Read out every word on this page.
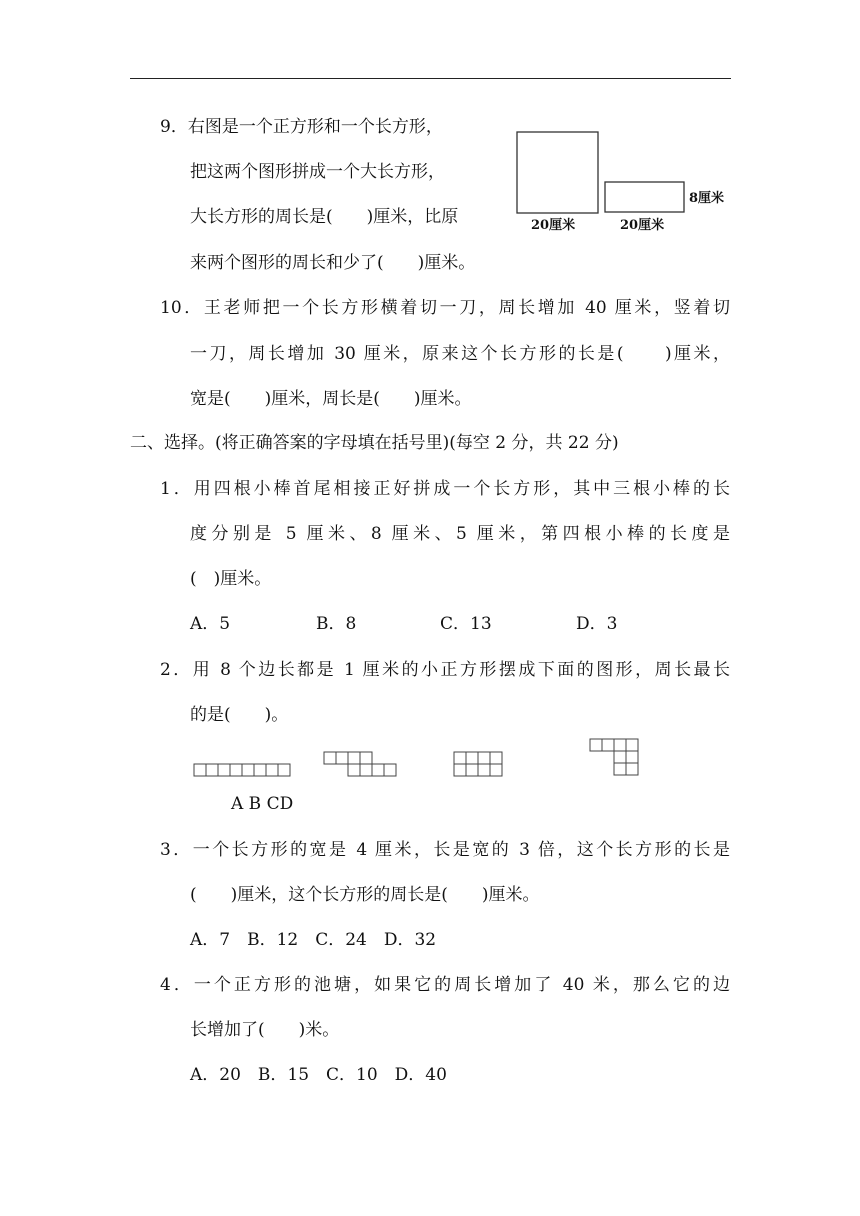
9．右图是一个正方形和一个长方形，
把这两个图形拼成一个大长方形，
大长方形的周长是(　　)厘米，比原
来两个图形的周长和少了(　　)厘米。
20厘米	20厘米
8厘米
10．王老师把一个长方形横着切一刀，周长增加 40 厘米，竖着切
一刀，周长增加 30 厘米，原来这个长方形的长是(　　)厘米，
宽是(　　)厘米，周长是(　　)厘米。
二、选择。(将正确答案的字母填在括号里)(每空 2 分，共 22 分)
1．用四根小棒首尾相接正好拼成一个长方形，其中三根小棒的长
度分别是 5 厘米、8 厘米、5 厘米，第四根小棒的长度是
(　)厘米。
A．5	B．8	C．13	D．3
2．用 8 个边长都是 1 厘米的小正方形摆成下面的图形，周长最长
的是(　　)。
A B CD
3．一个长方形的宽是 4 厘米，长是宽的 3 倍，这个长方形的长是
(　　)厘米，这个长方形的周长是(　　)厘米。
A．7　B．12　C．24　D．32
4．一个正方形的池塘，如果它的周长增加了 40 米，那么它的边
长增加了(　　)米。
A．20　B．15　C．10　D．40
